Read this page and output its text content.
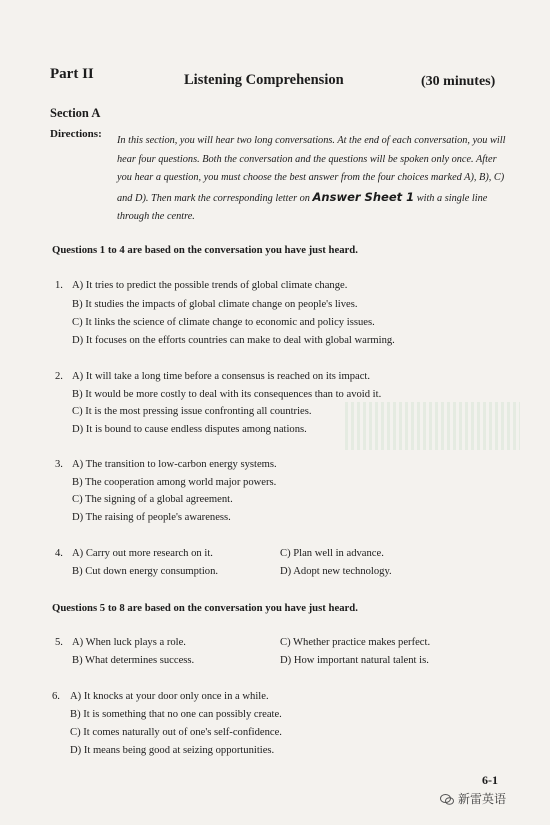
Part II	Listening Comprehension	(30 minutes)
Section A
Directions:
In this section, you will hear two long conversations. At the end of each conversation, you will hear four questions. Both the conversation and the questions will be spoken only once. After you hear a question, you must choose the best answer from the four choices marked A), B), C) and D). Then mark the corresponding letter on Answer Sheet 1 with a single line through the centre.
Questions 1 to 4 are based on the conversation you have just heard.
1. A) It tries to predict the possible trends of global climate change.
B) It studies the impacts of global climate change on people's lives.
C) It links the science of climate change to economic and policy issues.
D) It focuses on the efforts countries can make to deal with global warming.
2. A) It will take a long time before a consensus is reached on its impact.
B) It would be more costly to deal with its consequences than to avoid it.
C) It is the most pressing issue confronting all countries.
D) It is bound to cause endless disputes among nations.
3. A) The transition to low-carbon energy systems.
B) The cooperation among world major powers.
C) The signing of a global agreement.
D) The raising of people's awareness.
4. A) Carry out more research on it.
B) Cut down energy consumption.
C) Plan well in advance.
D) Adopt new technology.
Questions 5 to 8 are based on the conversation you have just heard.
5. A) When luck plays a role.
B) What determines success.
C) Whether practice makes perfect.
D) How important natural talent is.
6. A) It knocks at your door only once in a while.
B) It is something that no one can possibly create.
C) It comes naturally out of one's self-confidence.
D) It means being good at seizing opportunities.
6-1
新雷英语
